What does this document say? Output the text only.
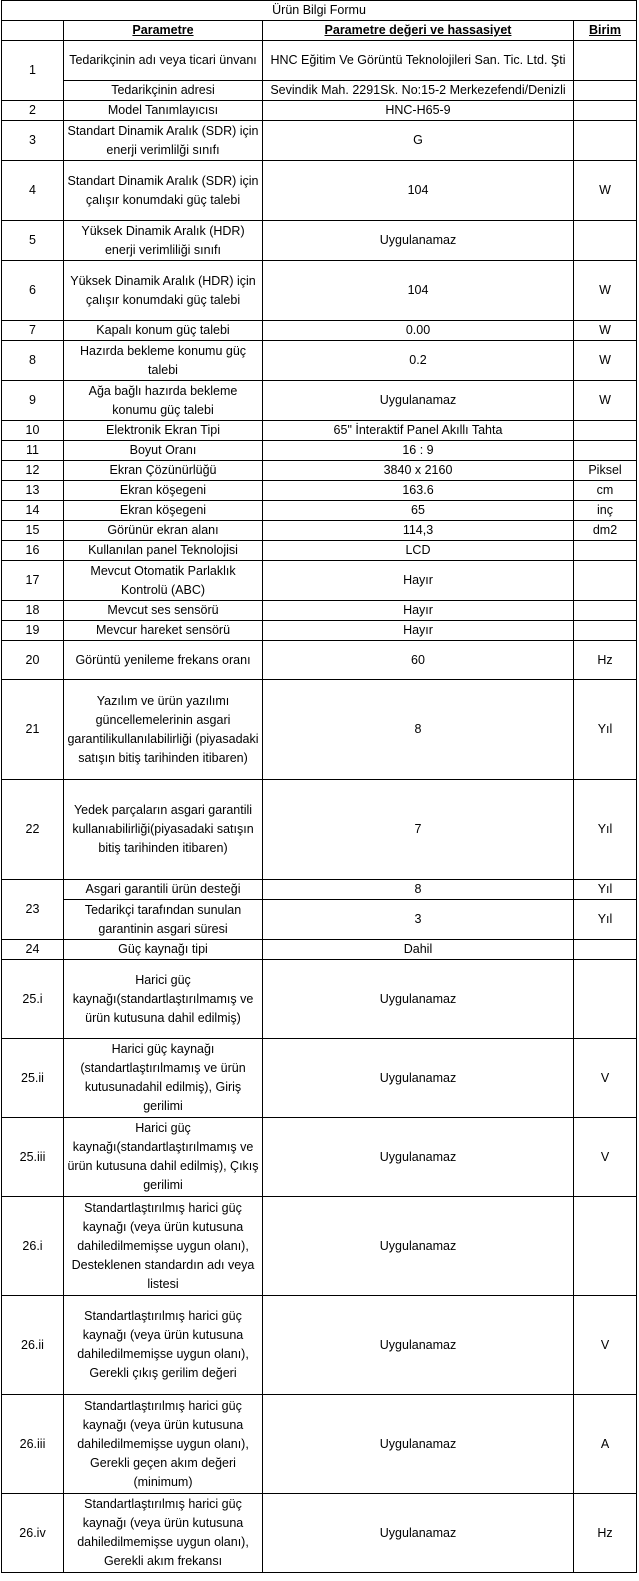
Ürün Bilgi Formu			
	Parametre	Parametre değeri ve hassasiyet	Birim
1	Tedarikçinin adı veya ticari ünvanı	HNC Eğitim Ve Görüntü Teknolojileri San. Tic. Ltd. Şti	
	Tedarikçinin adresi	Sevindik Mah. 2291Sk. No:15-2 Merkezefendi/Denizli	
2	Model Tanımlayıcısı	HNC-H65-9	
3	Standart Dinamik Aralık (SDR) için enerji verimlilği sınıfı	G	
4	Standart Dinamik Aralık (SDR) için çalışır konumdaki güç talebi	104	W
5	Yüksek Dinamik Aralık (HDR) enerji verimliliği sınıfı	Uygulanamaz	
6	Yüksek Dinamik Aralık (HDR) için çalışır konumdaki güç talebi	104	W
7	Kapalı konum güç talebi	0.00	W
8	Hazırda bekleme konumu güç talebi	0.2	W
9	Ağa bağlı hazırda bekleme konumu güç talebi	Uygulanamaz	W
10	Elektronik Ekran Tipi	65" İnteraktif Panel Akıllı Tahta	
11	Boyut Oranı	16 : 9	
12	Ekran Çözünürlüğü	3840 x 2160	Piksel
13	Ekran köşegeni	163.6	cm
14	Ekran köşegeni	65	inç
15	Görünür ekran alanı	114,3	dm2
16	Kullanılan panel Teknolojisi	LCD	
17	Mevcut Otomatik Parlaklık Kontrolü (ABC)	Hayır	
18	Mevcut ses sensörü	Hayır	
19	Mevcur hareket sensörü	Hayır	
20	Görüntü yenileme frekans oranı	60	Hz
21	Yazılım ve ürün yazılımı güncellemelerinin asgari garantilikullanılabilirliği (piyasadaki satışın bitiş tarihinden itibaren)	8	Yıl
22	Yedek parçaların asgari garantili kullanıabilirliği(piyasadaki satışın bitiş tarihinden itibaren)	7	Yıl
23	Asgari garantili ürün desteği	8	Yıl
	Tedarikçi tarafından sunulan garantinin asgari süresi	3	Yıl
24	Güç kaynağı tipi	Dahil	
25.i	Harici güç kaynağı(standartlaştırılmamış ve ürün kutusuna dahil edilmiş)	Uygulanamaz	
25.ii	Harici güç kaynağı (standartlaştırılmamış ve ürün kutusunadahil edilmiş), Giriş gerilimi	Uygulanamaz	V
25.iii	Harici güç kaynağı(standartlaştırılmamış ve ürün kutusuna dahil edilmiş), Çıkış gerilimi	Uygulanamaz	V
26.i	Standartlaştırılmış harici güç kaynağı (veya ürün kutusuna dahiledilmemişse uygun olanı), Desteklenen standardın adı veya listesi	Uygulanamaz	
26.ii	Standartlaştırılmış harici güç kaynağı (veya ürün kutusuna dahiledilmemişse uygun olanı), Gerekli çıkış gerilim değeri	Uygulanamaz	V
26.iii	Standartlaştırılmış harici güç kaynağı (veya ürün kutusuna dahiledilmemişse uygun olanı), Gerekli geçen akım değeri (minimum)	Uygulanamaz	A
26.iv	Standartlaştırılmış harici güç kaynağı (veya ürün kutusuna dahiledilmemişse uygun olanı), Gerekli akım frekansı	Uygulanamaz	Hz
